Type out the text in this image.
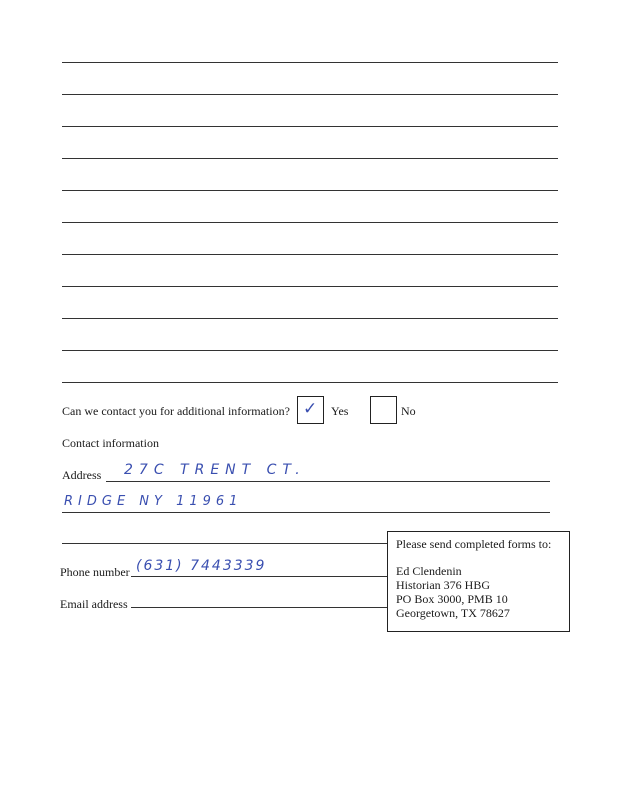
Can we contact you for additional information? ✓ Yes	No
Contact information
Address 27C TRENT CT.
RIDGE NY 11961
Phone number (631) 7443339
Email address
Please send completed forms to:
Ed Clendenin
Historian 376 HBG
PO Box 3000, PMB 10
Georgetown, TX 78627
